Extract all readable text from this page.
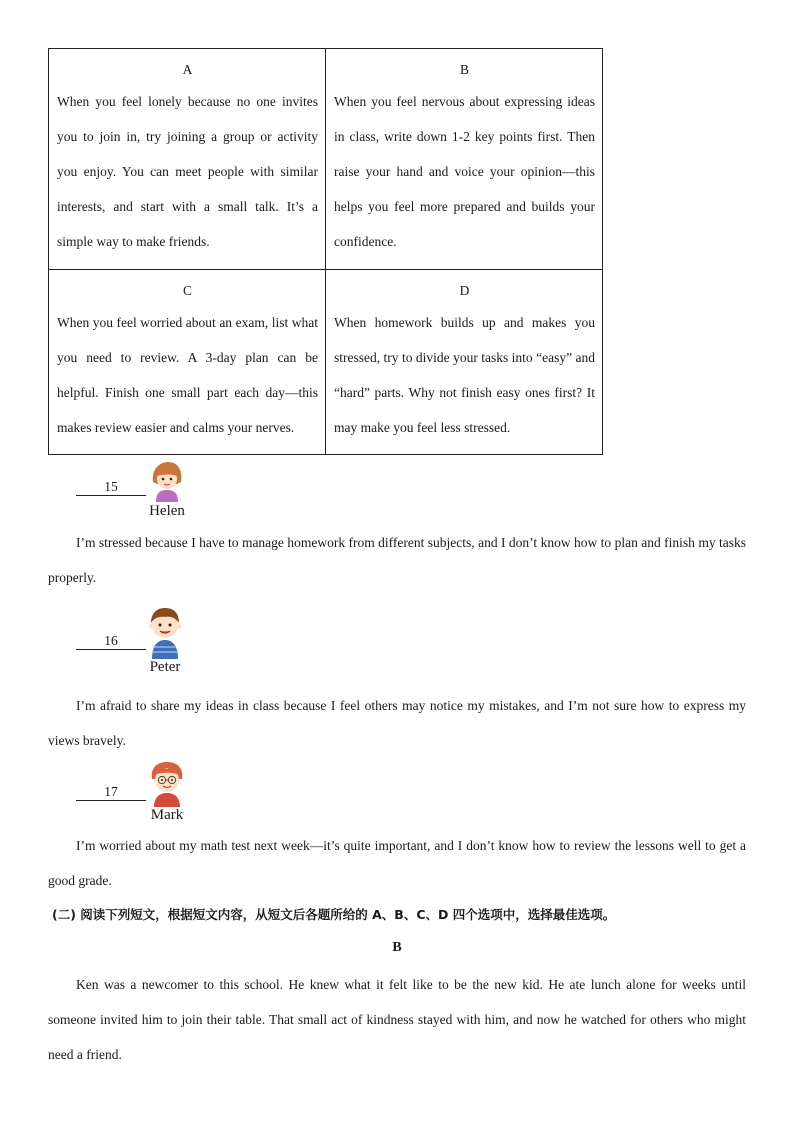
A
When you feel lonely because no one invites you to join in, try joining a group or activity you enjoy. You can meet people with similar interests, and start with a small talk. It’s a simple way to make friends.	B
When you feel nervous about expressing ideas in class, write down 1-2 key points first. Then raise your hand and voice your opinion—this helps you feel more prepared and builds your confidence.

C
When you feel worried about an exam, list what you need to review. A 3-day plan can be helpful. Finish one small part each day—this makes review easier and calms your nerves.	D
When homework builds up and makes you stressed, try to divide your tasks into “easy” and “hard” parts. Why not finish easy ones first? It may make you feel less stressed.
15
Helen
I’m stressed because I have to manage homework from different subjects, and I don’t know how to plan and finish my tasks properly.
16
Peter
I’m afraid to share my ideas in class because I feel others may notice my mistakes, and I’m not sure how to express my views bravely.
17
Mark
I’m worried about my math test next week—it’s quite important, and I don’t know how to review the lessons well to get a good grade.
(二) 阅读下列短文，根据短文内容，从短文后各题所给的 A、B、C、D 四个选项中，选择最佳选项。
B
Ken was a newcomer to this school. He knew what it felt like to be the new kid. He ate lunch alone for weeks until someone invited him to join their table. That small act of kindness stayed with him, and now he watched for others who might need a friend.
